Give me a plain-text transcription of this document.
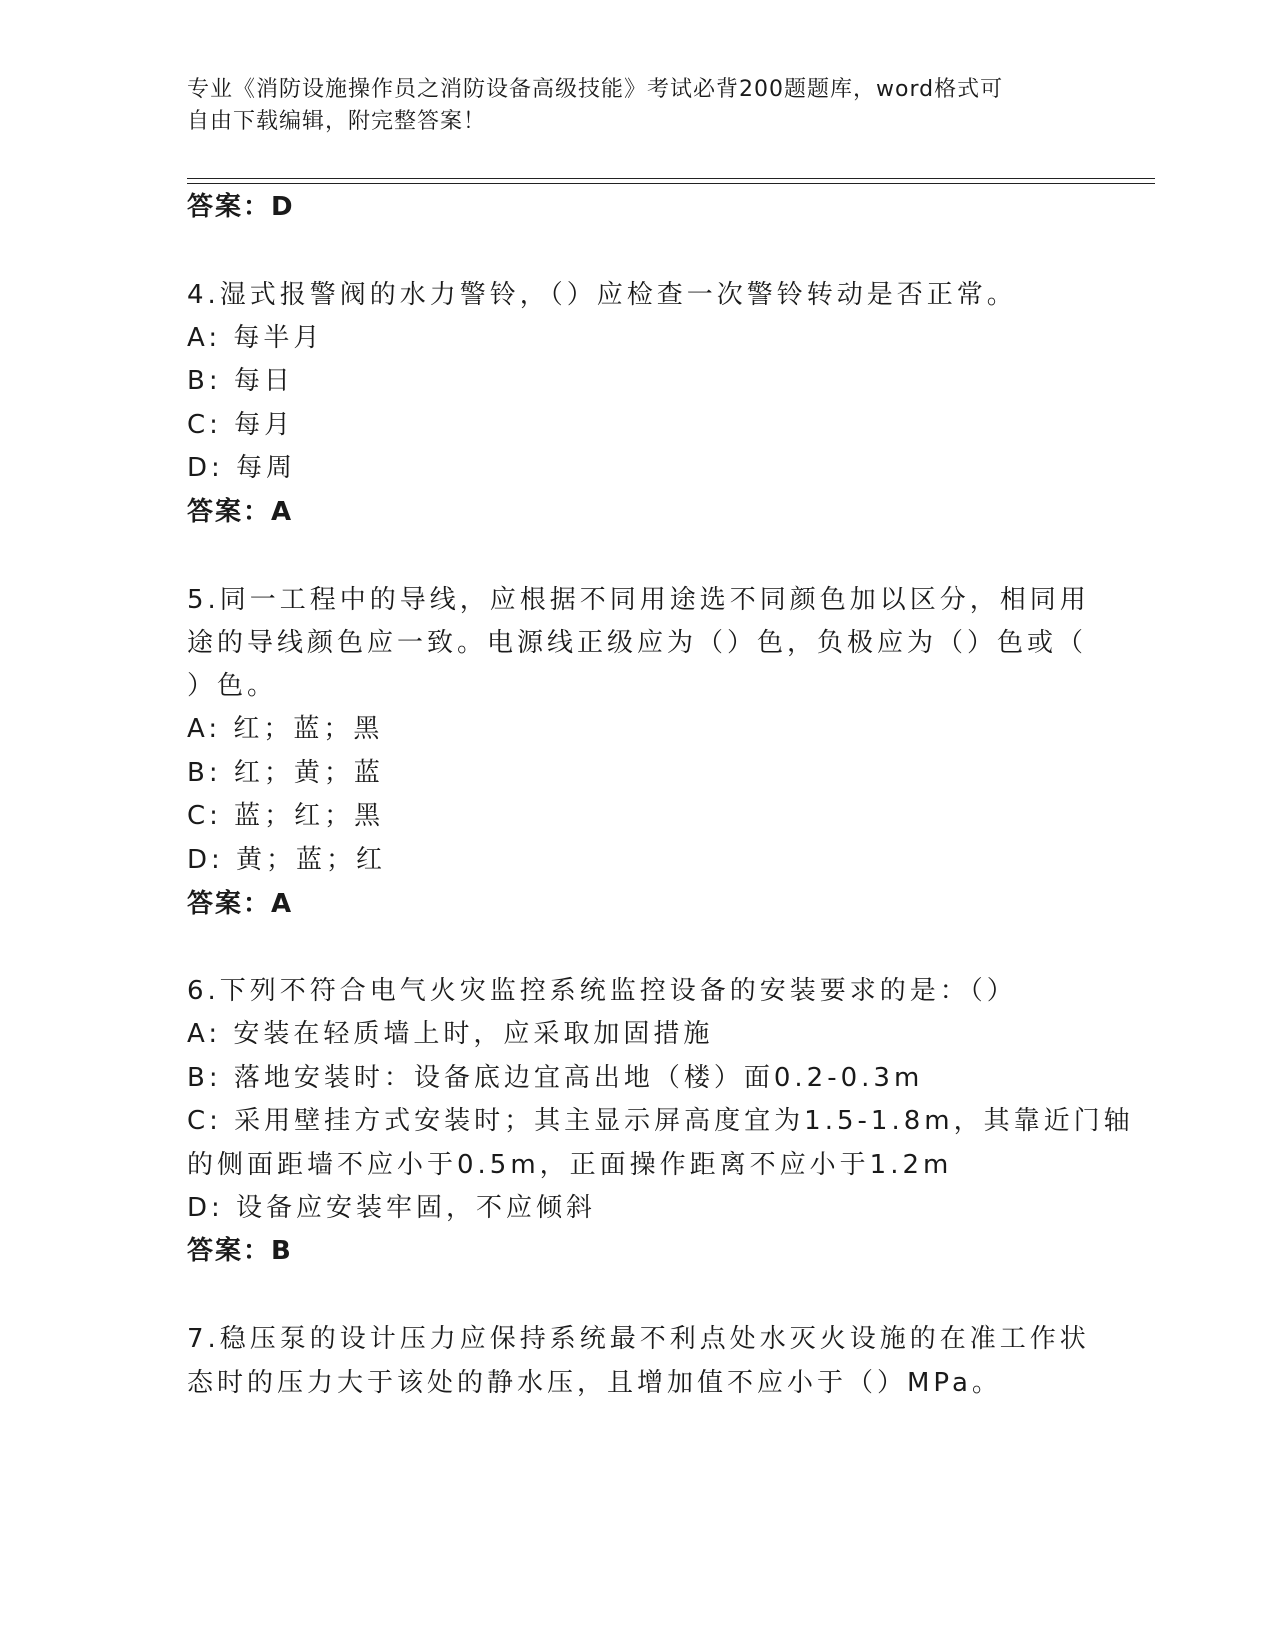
专业《消防设施操作员之消防设备高级技能》考试必背200题题库，word格式可
自由下载编辑，附完整答案！
答案：D
4.湿式报警阀的水力警铃，（）应检查一次警铃转动是否正常。
A: 每半月
B: 每日
C: 每月
D: 每周
答案：A
5.同一工程中的导线，应根据不同用途选不同颜色加以区分，相同用
途的导线颜色应一致。电源线正级应为（）色，负极应为（）色或（
）色。
A: 红；蓝；黑
B: 红；黄；蓝
C: 蓝；红；黑
D: 黄；蓝；红
答案：A
6.下列不符合电气火灾监控系统监控设备的安装要求的是：（）
A: 安装在轻质墙上时，应采取加固措施
B: 落地安装时：设备底边宜高出地（楼）面0.2-0.3m
C: 采用壁挂方式安装时；其主显示屏高度宜为1.5-1.8m，其靠近门轴
的侧面距墙不应小于0.5m，正面操作距离不应小于1.2m
D: 设备应安装牢固，不应倾斜
答案：B
7.稳压泵的设计压力应保持系统最不利点处水灭火设施的在准工作状
态时的压力大于该处的静水压，且增加值不应小于（）MPa。
